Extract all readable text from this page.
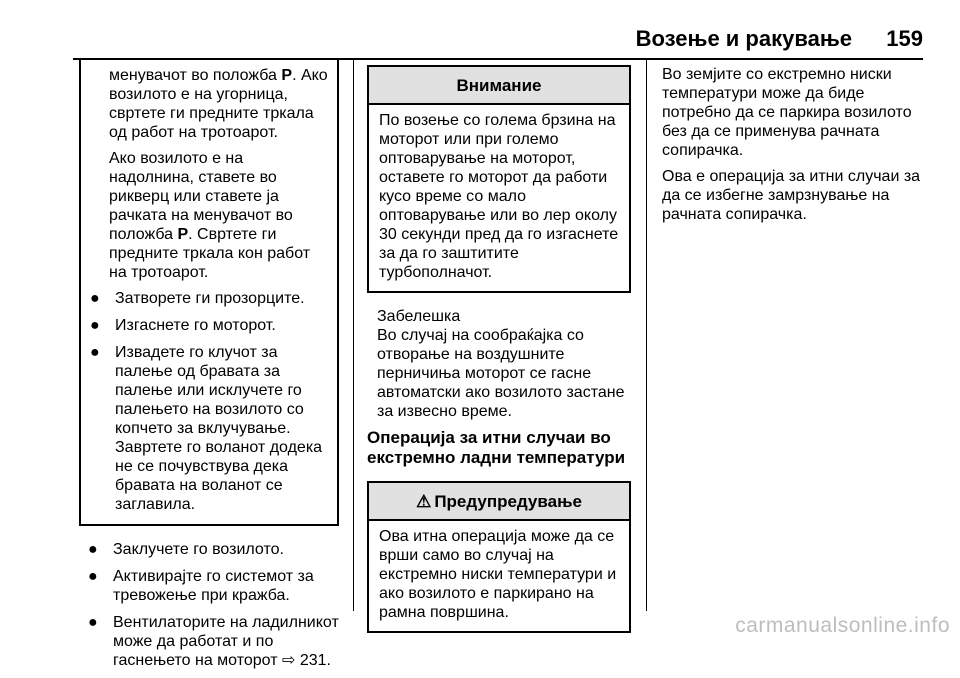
Возење и ракување 159

менувачот во положба P. Ако возилото е на угорница, свртете ги предните тркала од работ на тротоарот.

Ако возилото е на надолнина, ставете во рикверц или ставете ја рачката на менувачот во положба P. Свртете ги предните тркала кон работ на тротоарот.

● Затворете ги прозорците.
● Изгаснете го моторот.
● Извадете го клучот за палење од бравата за палење или исклучете го палењето на возилото со копчето за вклучување. Завртете го воланот додека не се почувствува дека бравата на воланот се заглавила.
● Заклучете го возилото.
● Активирајте го системот за тревожење при кражба.
● Вентилаторите на ладилникот може да работат и по гаснењето на моторот ⇨ 231.
Внимание
По возење со голема брзина на моторот или при големо оптоварување на моторот, оставете го моторот да работи кусо време со мало оптоварување или во лер околу 30 секунди пред да го изгаснете за да го заштитите турбополначот.
Забелешка

Во случај на сообраќајка со отворање на воздушните перничиња моторот се гасне автоматски ако возилото застане за извесно време.

Операција за итни случаи во екстремно ладни температури
⚠ Предупредување
Ова итна операција може да се врши само во случај на екстремно ниски температури и ако возилото е паркирано на рамна површина.

Во земјите со екстремно ниски температури може да биде потребно да се паркира возилото без да се применува рачната сопирачка.

Ова е операција за итни случаи за да се избегне замрзнување на рачната сопирачка.

carmanualsonline.info
